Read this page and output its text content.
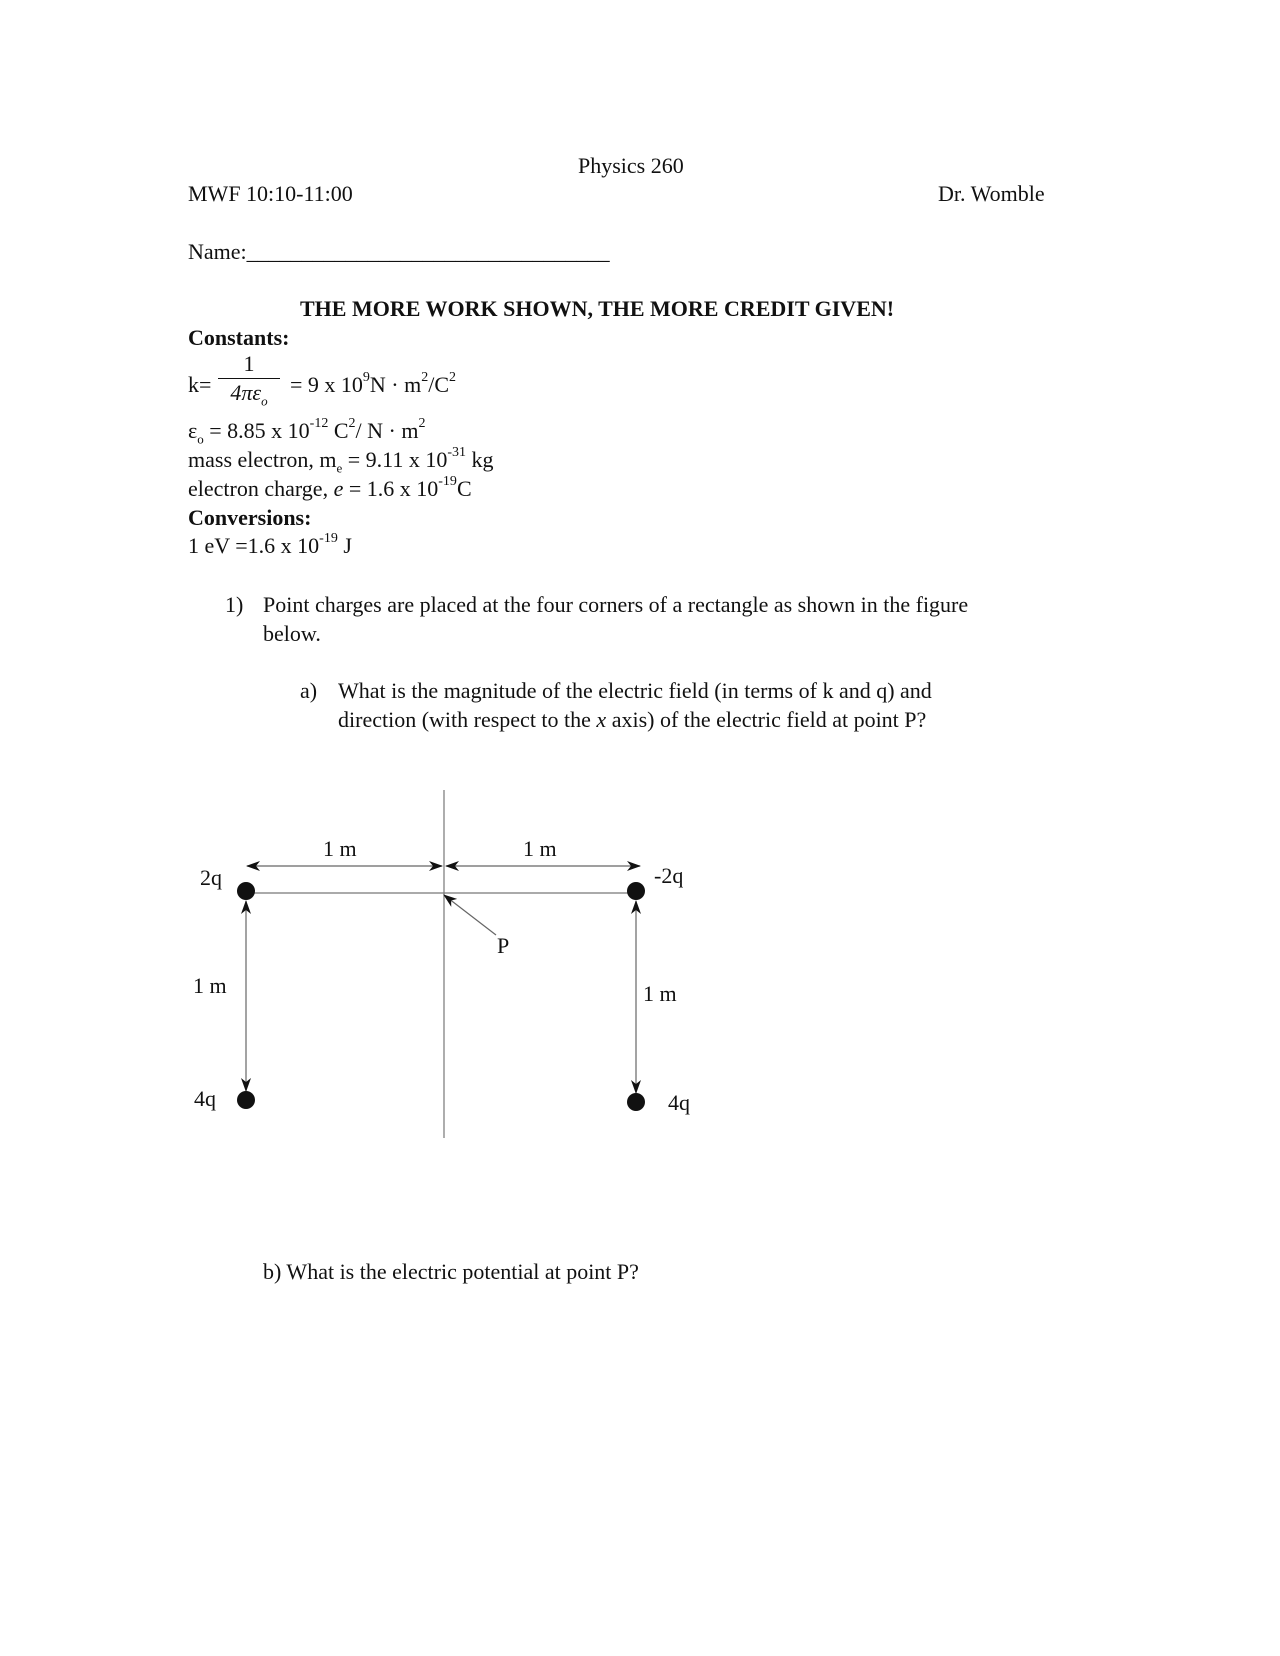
Physics 260
MWF 10:10-11:00	Dr. Womble
Name:_________________________________
THE MORE WORK SHOWN, THE MORE CREDIT GIVEN!
Constants:
k=
1
$4\pi\varepsilon_o$
= 9 x $10^9N \cdot m^2/C^2$
$\varepsilon_o = 8.85$ x $10^{-12}$ $C^2/$ $N \cdot m^2$
mass electron, $m_e = 9.11$ x $10^{-31}$ kg
electron charge, e = 1.6 x $10^{-19}C$
Conversions:
1 eV =1.6 x $10^{-19}$ J
1) Point charges are placed at the four corners of a rectangle as shown in the figure
below.
a) What is the magnitude of the electric field (in terms of k and q) and
direction (with respect to the x axis) of the electric field at point P?
2q	-2q
4q	4q
1 m	1 m
1 m	1 m
P
b) What is the electric potential at point P?
